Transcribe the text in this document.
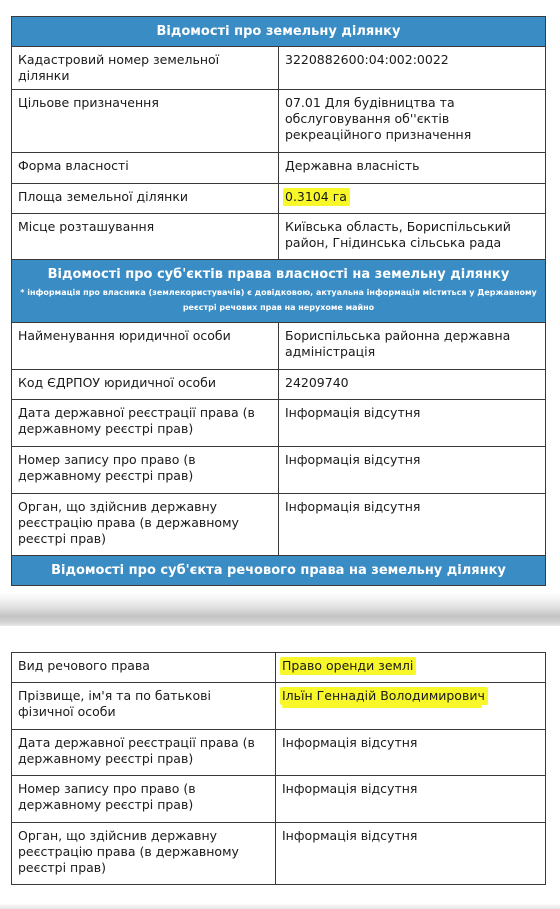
Відомості про земельну ділянку	
Кадастровий номер земельної ділянки	3220882600:04:002:0022
Цільове призначення	07.01 Для будівництва та обслуговування об''єктів рекреаційного призначення
Форма власності	Державна власність
Площа земельної ділянки	0.3104 га
Місце розташування	Київська область, Бориспільський район, Гнідинська сільська рада
Відомості про суб'єктів права власності на земельну ділянку
* інформація про власника (землекористувачів) є довідковою, актуальна інформація міститься у Державному реєстрі речових прав на нерухоме майно	

Найменування юридичної особи	Бориспільська районна державна адміністрація
Код ЄДРПОУ юридичної особи	24209740
Дата державної реєстрації права (в державному реєстрі прав)	Інформація відсутня
Номер запису про право (в державному реєстрі прав)	Інформація відсутня
Орган, що здійснив державну реєстрацію права (в державному реєстрі прав)	Інформація відсутня
Відомості про суб'єкта речового права на земельну ділянку	
Вид речового права	Право оренди землі
Прізвище, ім'я та по батькові фізичної особи	Ільїн Геннадій Володимирович

Дата державної реєстрації права (в державному реєстрі прав)	Інформація відсутня
Номер запису про право (в державному реєстрі прав)	Інформація відсутня
Орган, що здійснив державну реєстрацію права (в державному реєстрі прав)	Інформація відсутня
